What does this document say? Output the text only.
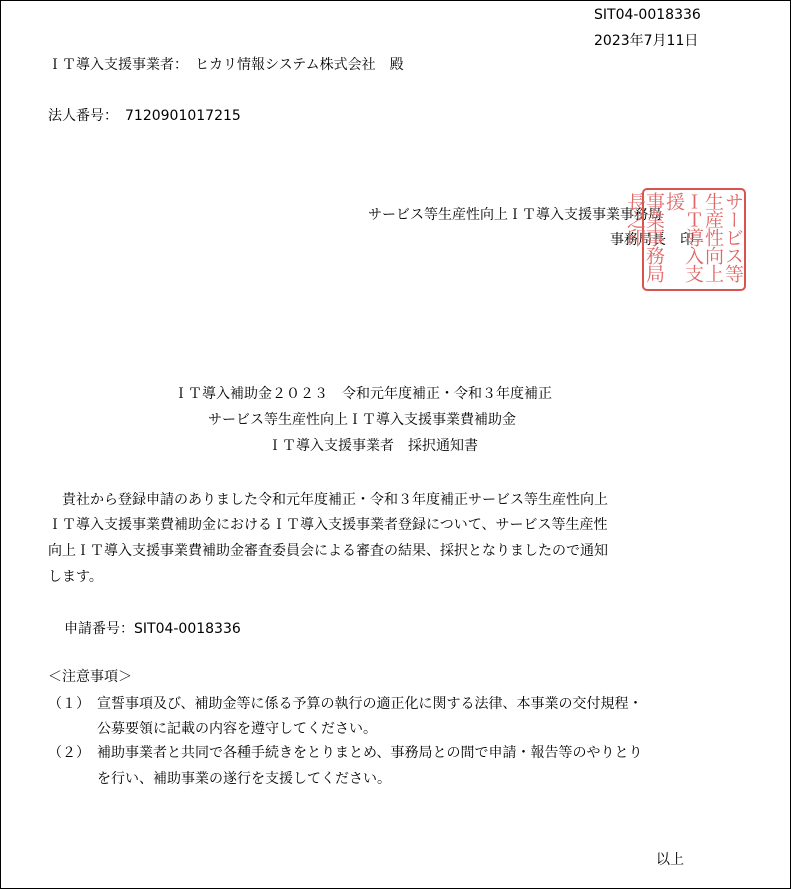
SIT04-0018336
2023年7月11日
ＩＴ導入支援事業者：　ヒカリ情報システム株式会社　殿
法人番号：　7120901017215
サービス等生産性向上ＩＴ導入支援事業事務局
事務局長　印 サービス等
生産性向上
ＩＴ導入支援
事業事務局長之印
ＩＴ導入補助金２０２３　令和元年度補正・令和３年度補正
サービス等生産性向上ＩＴ導入支援事業費補助金
ＩＴ導入支援事業者　採択通知書
　貴社から登録申請のありました令和元年度補正・令和３年度補正サービス等生産性向上
ＩＴ導入支援事業費補助金におけるＩＴ導入支援事業者登録について、サービス等生産性
向上ＩＴ導入支援事業費補助金審査委員会による審査の結果、採択となりましたので通知
します。
申請番号：SIT04-0018336
＜注意事項＞
（１） 宣誓事項及び、補助金等に係る予算の執行の適正化に関する法律、本事業の交付規程・
公募要領に記載の内容を遵守してください。
（２） 補助事業者と共同で各種手続きをとりまとめ、事務局との間で申請・報告等のやりとり
を行い、補助事業の遂行を支援してください。
以上
